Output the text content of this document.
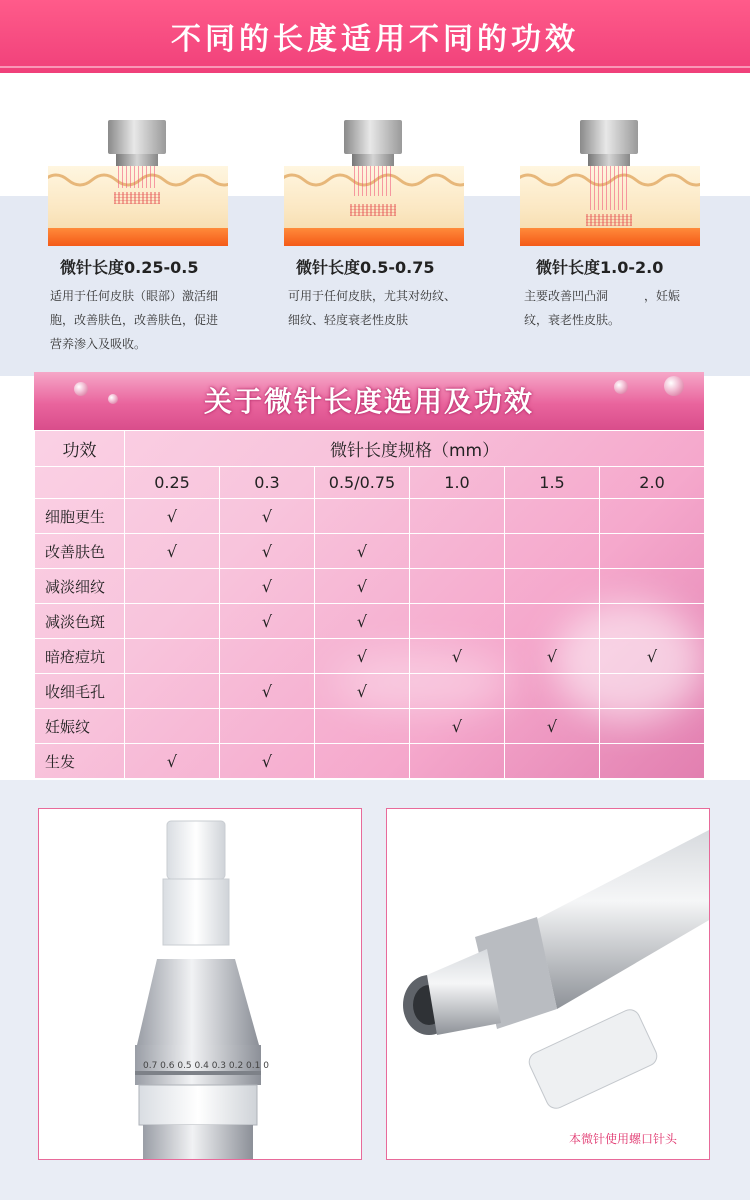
不同的长度适用不同的功效
微针长度0.25-0.5	微针长度0.5-0.75	微针长度1.0-2.0
适用于任何皮肤（眼部）激活细胞，改善肤色，改善肤色，促进营养渗入及吸收。
可用于任何皮肤，尤其对幼纹、细纹、轻度衰老性皮肤
主要改善凹凸洞　　　，妊娠纹，衰老性皮肤。
关于微针长度选用及功效
功效	微针长度规格（mm）					
	0.25	0.3	0.5/0.75	1.0	1.5	2.0
细胞更生	√	√				
改善肤色	√	√	√			
减淡细纹		√	√			
减淡色斑		√	√			
暗疮痘坑			√	√	√	√
收细毛孔		√	√			
妊娠纹				√	√	
生发	√	√				
0.7 0.6 0.5 0.4 0.3 0.2 0.1 0
本微针使用螺口针头
